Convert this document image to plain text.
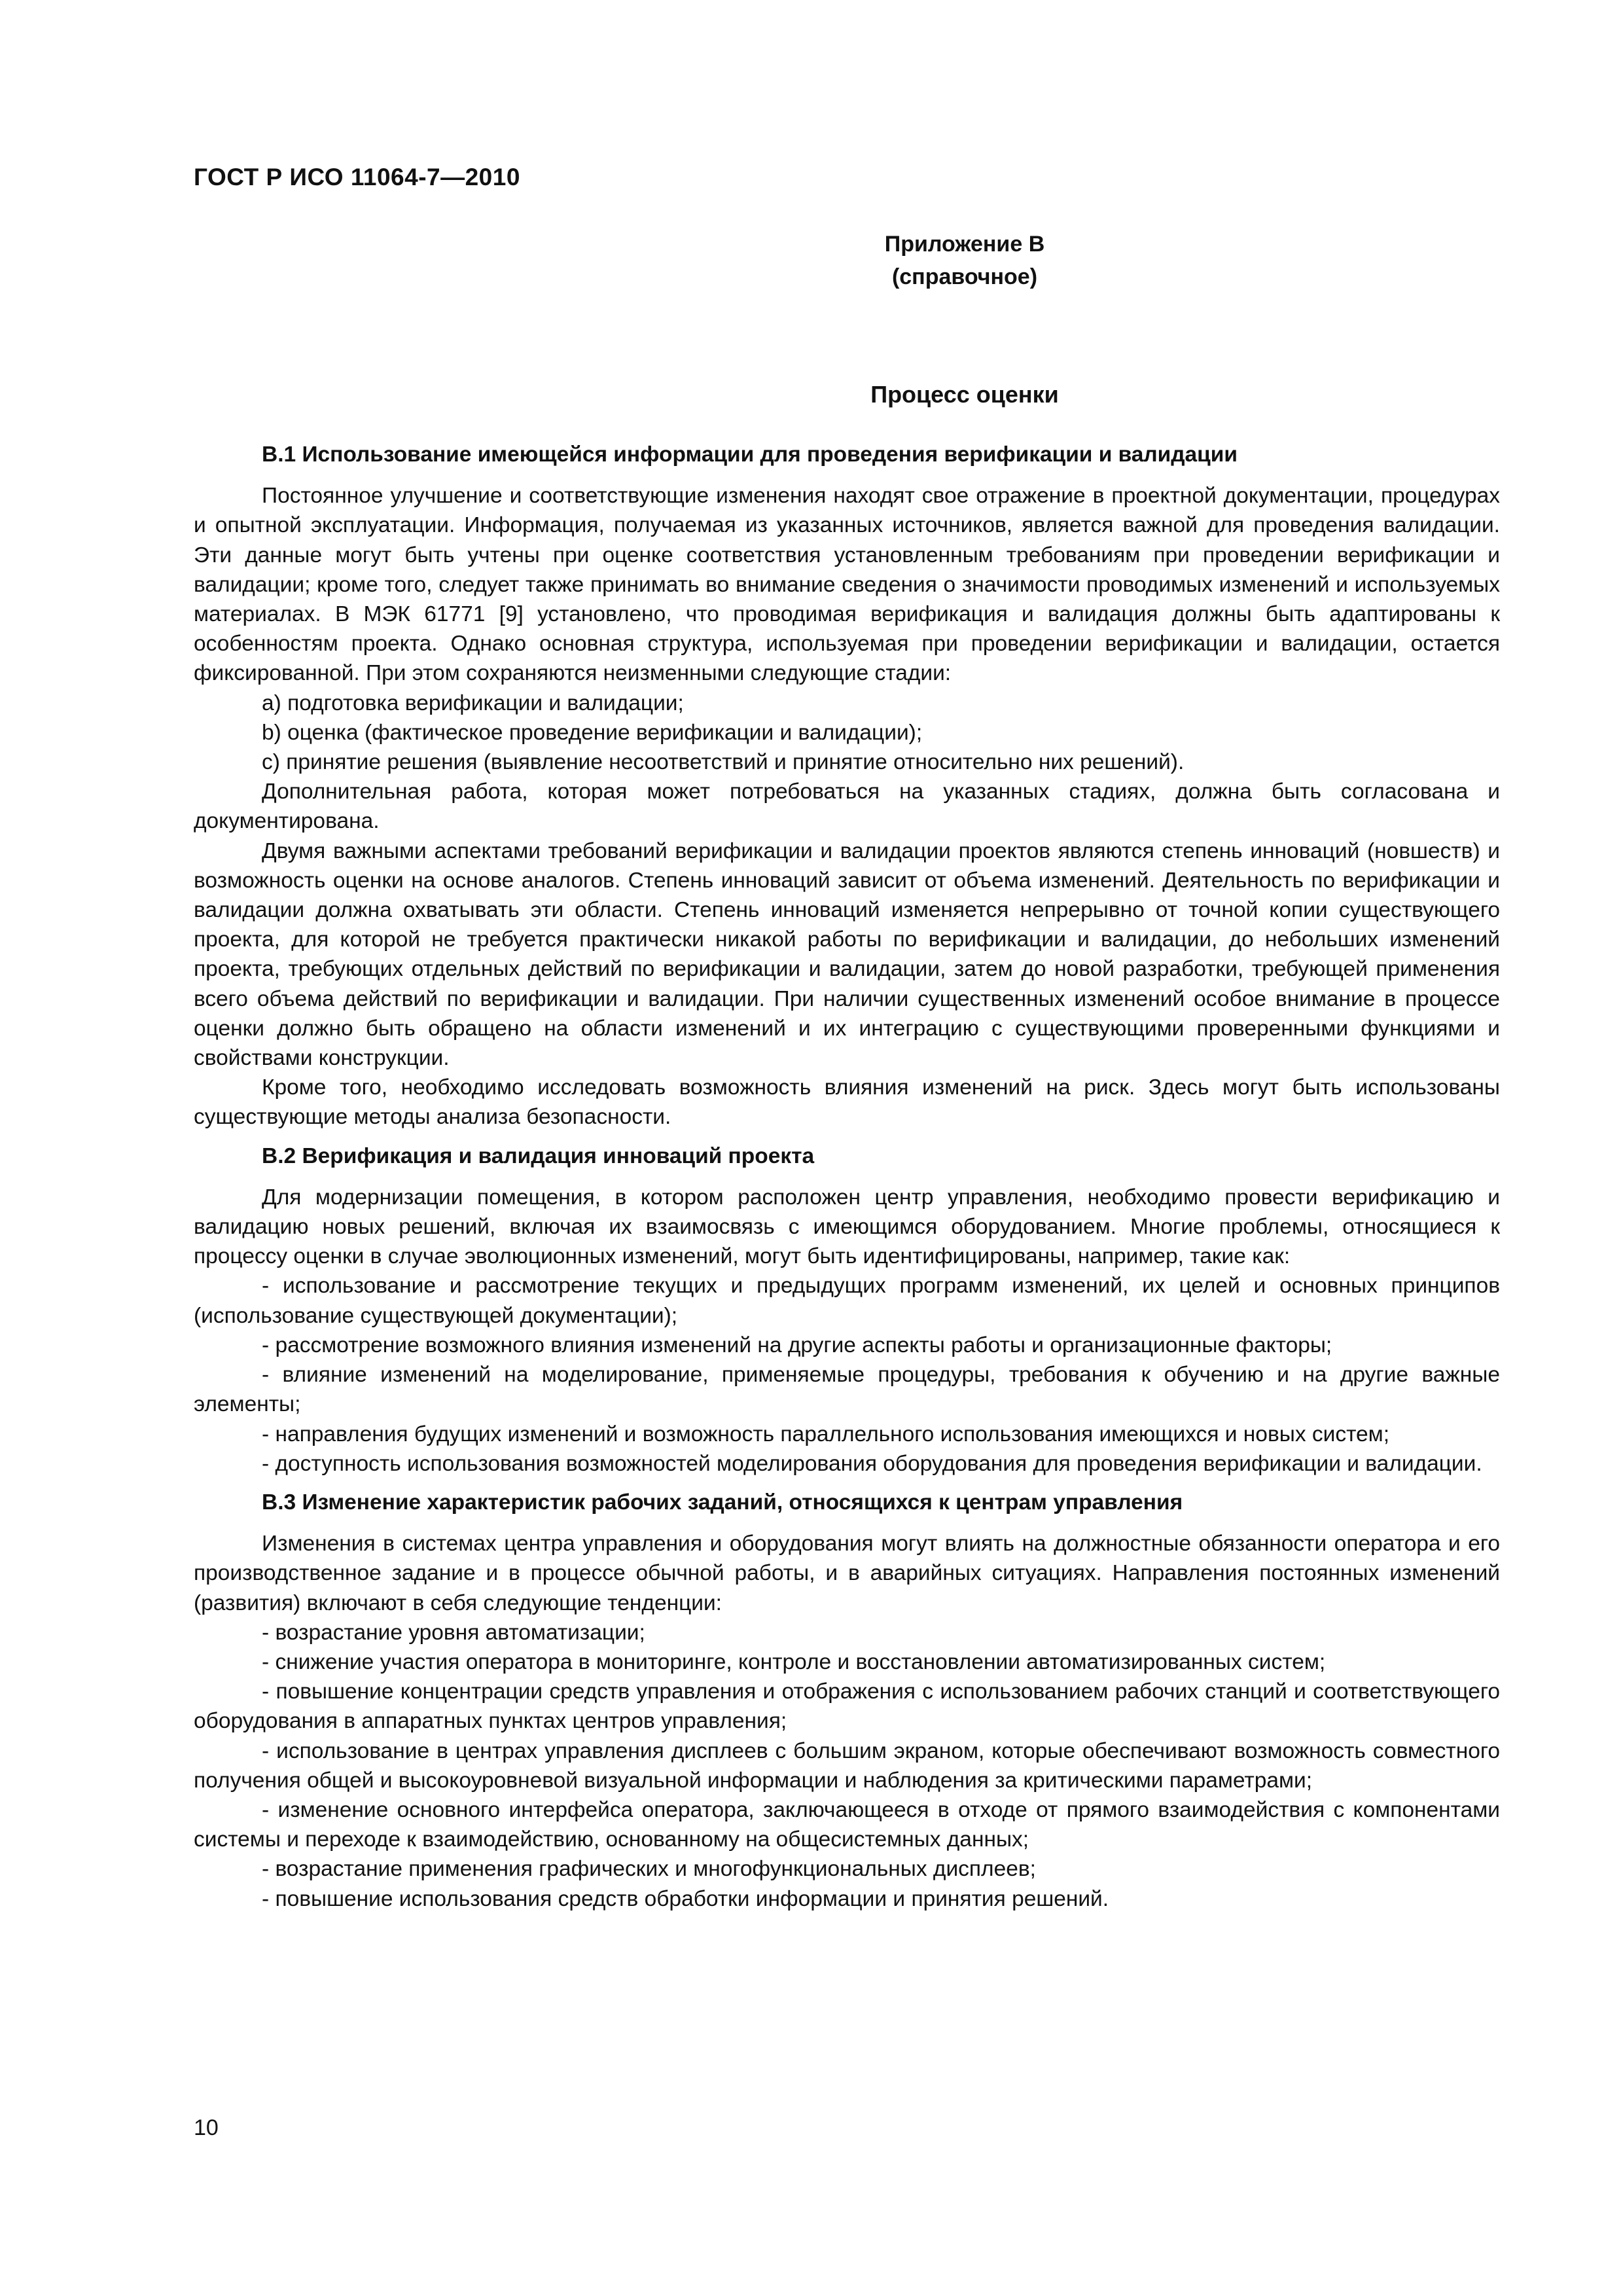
ГОСТ Р ИСО 11064-7—2010
Приложение В
(справочное)
Процесс оценки
В.1 Использование имеющейся информации для проведения верификации и валидации

Постоянное улучшение и соответствующие изменения находят свое отражение в проектной документации, процедурах и опытной эксплуатации. Информация, получаемая из указанных источников, является важной для проведения валидации. Эти данные могут быть учтены при оценке соответствия установленным требованиям при проведении верификации и валидации; кроме того, следует также принимать во внимание сведения о значимости проводимых изменений и используемых материалах. В МЭК 61771 [9] установлено, что проводимая верификация и валидация должны быть адаптированы к особенностям проекта. Однако основная структура, используемая при проведении верификации и валидации, остается фиксированной. При этом сохраняются неизменными следующие стадии:

a) подготовка верификации и валидации;

b) оценка (фактическое проведение верификации и валидации);

c) принятие решения (выявление несоответствий и принятие относительно них решений).

Дополнительная работа, которая может потребоваться на указанных стадиях, должна быть согласована и документирована.

Двумя важными аспектами требований верификации и валидации проектов являются степень инноваций (новшеств) и возможность оценки на основе аналогов. Степень инноваций зависит от объема изменений. Деятельность по верификации и валидации должна охватывать эти области. Степень инноваций изменяется непрерывно от точной копии существующего проекта, для которой не требуется практически никакой работы по верификации и валидации, до небольших изменений проекта, требующих отдельных действий по верификации и валидации, затем до новой разработки, требующей применения всего объема действий по верификации и валидации. При наличии существенных изменений особое внимание в процессе оценки должно быть обращено на области изменений и их интеграцию с существующими проверенными функциями и свойствами конструкции.

Кроме того, необходимо исследовать возможность влияния изменений на риск. Здесь могут быть использованы существующие методы анализа безопасности.

В.2 Верификация и валидация инноваций проекта

Для модернизации помещения, в котором расположен центр управления, необходимо провести верификацию и валидацию новых решений, включая их взаимосвязь с имеющимся оборудованием. Многие проблемы, относящиеся к процессу оценки в случае эволюционных изменений, могут быть идентифицированы, например, такие как:

- использование и рассмотрение текущих и предыдущих программ изменений, их целей и основных принципов (использование существующей документации);

- рассмотрение возможного влияния изменений на другие аспекты работы и организационные факторы;

- влияние изменений на моделирование, применяемые процедуры, требования к обучению и на другие важные элементы;

- направления будущих изменений и возможность параллельного использования имеющихся и новых систем;

- доступность использования возможностей моделирования оборудования для проведения верификации и валидации.

В.3 Изменение характеристик рабочих заданий, относящихся к центрам управления

Изменения в системах центра управления и оборудования могут влиять на должностные обязанности оператора и его производственное задание и в процессе обычной работы, и в аварийных ситуациях. Направления постоянных изменений (развития) включают в себя следующие тенденции:

- возрастание уровня автоматизации;

- снижение участия оператора в мониторинге, контроле и восстановлении автоматизированных систем;

- повышение концентрации средств управления и отображения с использованием рабочих станций и соответствующего оборудования в аппаратных пунктах центров управления;

- использование в центрах управления дисплеев с большим экраном, которые обеспечивают возможность совместного получения общей и высокоуровневой визуальной информации и наблюдения за критическими параметрами;

- изменение основного интерфейса оператора, заключающееся в отходе от прямого взаимодействия с компонентами системы и переходе к взаимодействию, основанному на общесистемных данных;

- возрастание применения графических и многофункциональных дисплеев;

- повышение использования средств обработки информации и принятия решений.

10
